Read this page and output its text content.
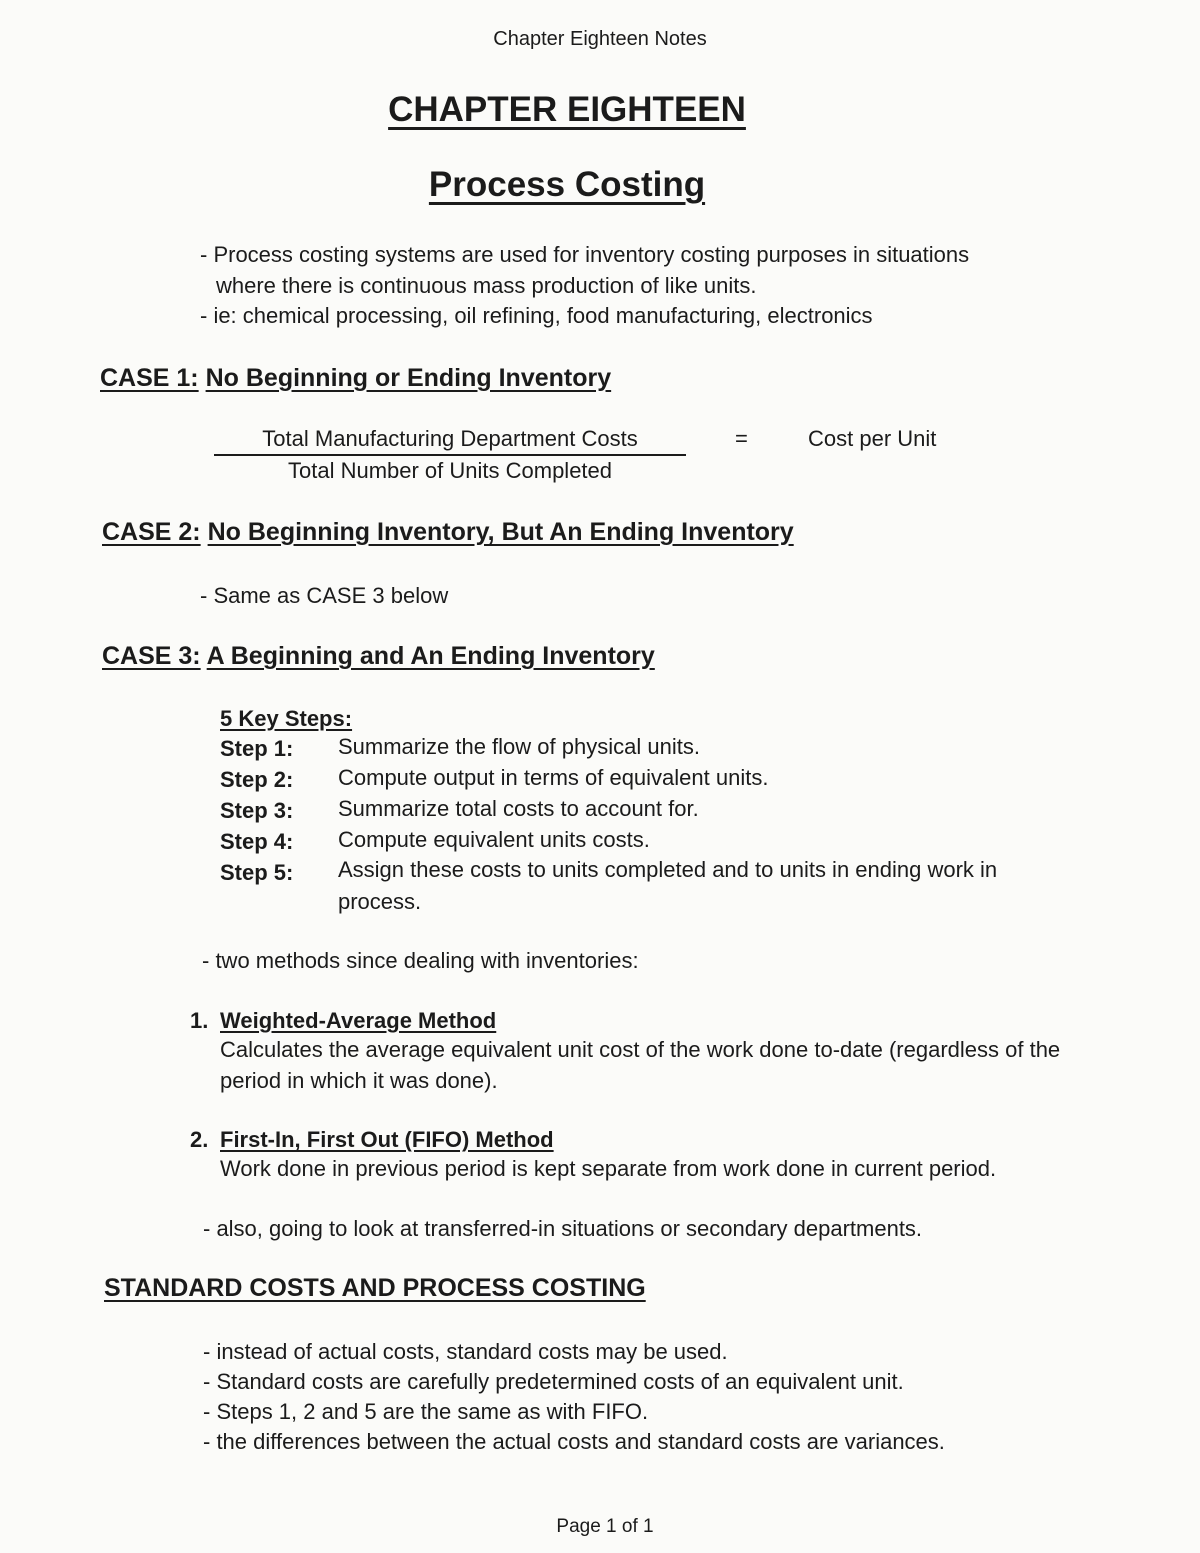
Chapter Eighteen Notes
CHAPTER EIGHTEEN
Process Costing
- Process costing systems are used for inventory costing purposes in situations
where there is continuous mass production of like units.
- ie: chemical processing, oil refining, food manufacturing, electronics
CASE 1: No Beginning or Ending Inventory
Total Manufacturing Department Costs
Total Number of Units Completed
=	Cost per Unit
CASE 2: No Beginning Inventory, But An Ending Inventory
- Same as CASE 3 below
CASE 3: A Beginning and An Ending Inventory
5 Key Steps:
Step 1: Summarize the flow of physical units.
Step 2: Compute output in terms of equivalent units.
Step 3: Summarize total costs to account for.
Step 4: Compute equivalent units costs.
Step 5: Assign these costs to units completed and to units in ending work in process.
- two methods since dealing with inventories:
1. Weighted-Average Method
Calculates the average equivalent unit cost of the work done to-date (regardless of the period in which it was done).
2. First-In, First Out (FIFO) Method
Work done in previous period is kept separate from work done in current period.
- also, going to look at transferred-in situations or secondary departments.
STANDARD COSTS AND PROCESS COSTING
- instead of actual costs, standard costs may be used.
- Standard costs are carefully predetermined costs of an equivalent unit.
- Steps 1, 2 and 5 are the same as with FIFO.
- the differences between the actual costs and standard costs are variances.
Page 1 of 1
